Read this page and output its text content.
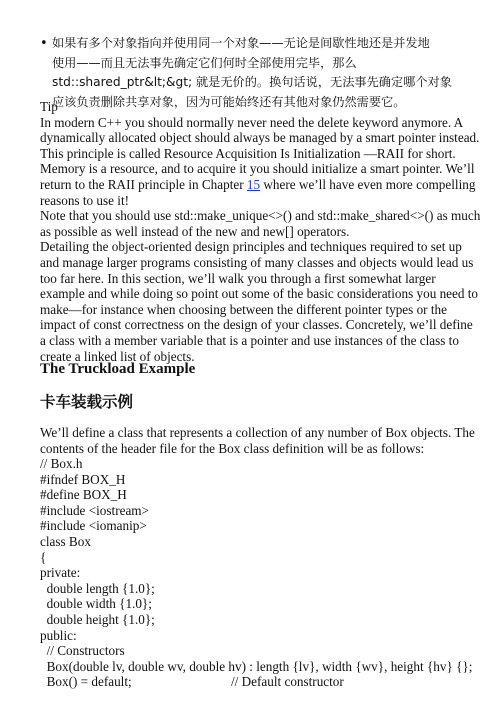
• 如果有多个对象指向并使用同一个对象——无论是间歇性地还是并发地
使用——而且无法事先确定它们何时全部使用完毕，那么
std::shared_ptr&lt;&gt; 就是无价的。换句话说，无法事先确定哪个对象
应该负责删除共享对象，因为可能始终还有其他对象仍然需要它。
Tip
In modern C++ you should normally never need the delete keyword anymore. A
dynamically allocated object should always be managed by a smart pointer instead.
This principle is called Resource Acquisition Is Initialization —RAII for short.
Memory is a resource, and to acquire it you should initialize a smart pointer. We’ll
return to the RAII principle in Chapter 15 where we’ll have even more compelling
reasons to use it!
Note that you should use std::make_unique<>() and std::make_shared<>() as much
as possible as well instead of the new and new[] operators.
Detailing the object-oriented design principles and techniques required to set up
and manage larger programs consisting of many classes and objects would lead us
too far here. In this section, we’ll walk you through a first somewhat larger
example and while doing so point out some of the basic considerations you need to
make—for instance when choosing between the different pointer types or the
impact of const correctness on the design of your classes. Concretely, we’ll define
a class with a member variable that is a pointer and use instances of the class to
create a linked list of objects.
The Truckload Example
卡车装载示例
We’ll define a class that represents a collection of any number of Box objects. The
contents of the header file for the Box class definition will be as follows:
// Box.h
#ifndef BOX_H
#define BOX_H
#include <iostream>
#include <iomanip>
class Box
{
private:
double length {1.0};
double width {1.0};
double height {1.0};
public:
// Constructors
Box(double lv, double wv, double hv) : length {lv}, width {wv}, height {hv} {};
Box() = default;	// Default constructor
